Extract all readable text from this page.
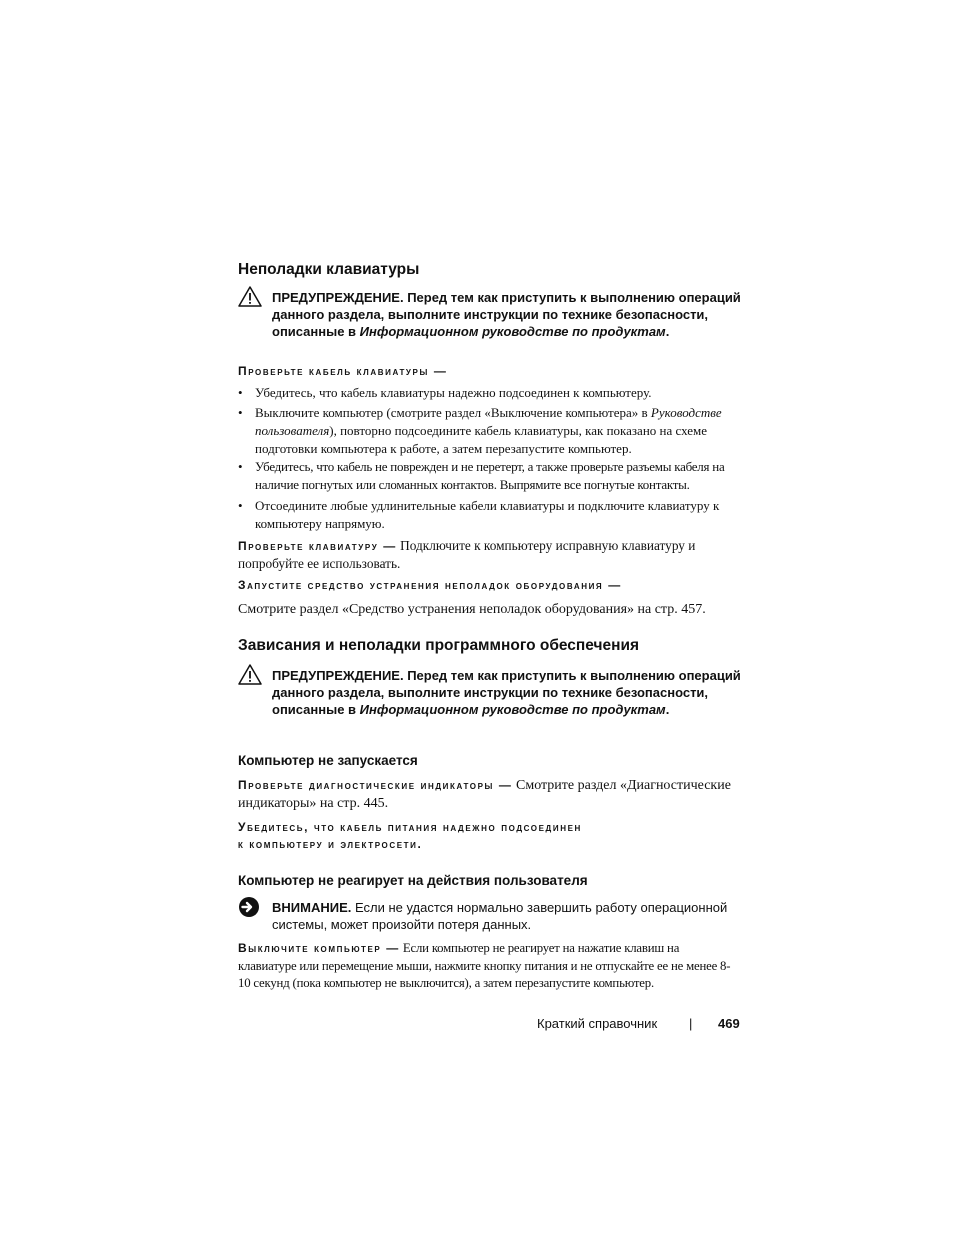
Неполадки клавиатуры
ПРЕДУПРЕЖДЕНИЕ. Перед тем как приступить к выполнению операций данного раздела, выполните инструкции по технике безопасности, описанные в Информационном руководстве по продуктам.
Проверьте кабель клавиатуры —
• Убедитесь, что кабель клавиатуры надежно подсоединен к компьютеру.
• Выключите компьютер (смотрите раздел «Выключение компьютера» в Руководстве пользователя), повторно подсоедините кабель клавиатуры, как показано на схеме подготовки компьютера к работе, а затем перезапустите компьютер.
• Убедитесь, что кабель не поврежден и не перетерт, а также проверьте разъемы кабеля на наличие погнутых или сломанных контактов. Выпрямите все погнутые контакты.
• Отсоедините любые удлинительные кабели клавиатуры и подключите клавиатуру к компьютеру напрямую.
Проверьте клавиатуру — Подключите к компьютеру исправную клавиатуру и попробуйте ее использовать.
Запустите средство устранения неполадок оборудования —
Смотрите раздел «Средство устранения неполадок оборудования» на стр. 457.
Зависания и неполадки программного обеспечения
ПРЕДУПРЕЖДЕНИЕ. Перед тем как приступить к выполнению операций данного раздела, выполните инструкции по технике безопасности, описанные в Информационном руководстве по продуктам.
Компьютер не запускается
Проверьте диагностические индикаторы — Смотрите раздел «Диагностические индикаторы» на стр. 445.
Убедитесь, что кабель питания надежно подсоединен
к компьютеру и электросети.
Компьютер не реагирует на действия пользователя
ВНИМАНИЕ. Если не удастся нормально завершить работу операционной системы, может произойти потеря данных.
Выключите компьютер — Если компьютер не реагирует на нажатие клавиш на клавиатуре или перемещение мыши, нажмите кнопку питания и не отпускайте ее не менее 8-10 секунд (пока компьютер не выключится), а затем перезапустите компьютер.
Краткий справочник | 469
